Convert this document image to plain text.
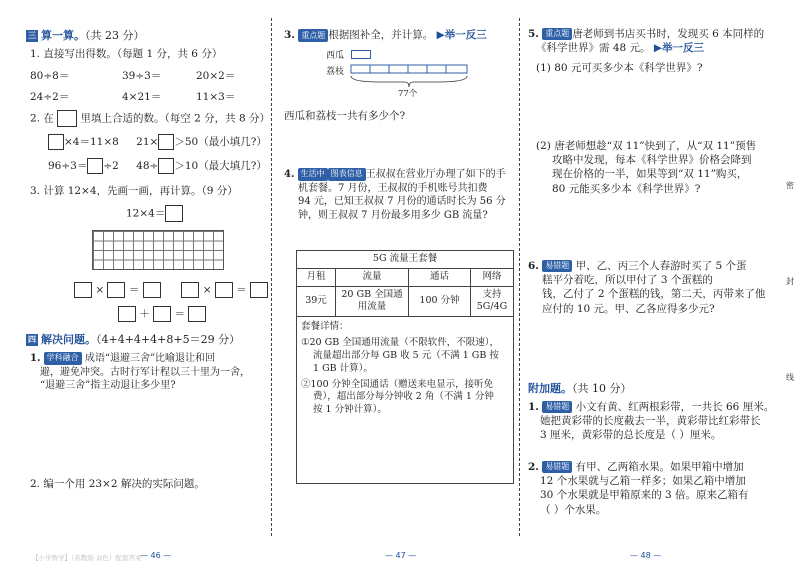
三 算一算。（共 23 分）
1. 直接写出得数。（每题 1 分，共 6 分）
80÷8＝	39÷3＝	20×2＝
24÷2＝	4×21＝	11×3＝
2. 在	里填上合适的数。（每空 2 分，共 8 分）
×4＝11×8 21× ＞50（最小填几?）
96÷3＝ ÷2 48÷ ＞10（最大填几?）
3. 计算 12×4，先画一画，再计算。（9 分）
12×4＝
×  ＝	×  ＝
＋  ＝
四 解决问题。（4+4+4+4+8+5＝29 分）
1. 学科融合 成语“退避三舍”比喻退让和回
避，避免冲突。古时行军计程以三十里为一舍，
“退避三舍”指主动退让多少里?
2. 编一个用 23×2 解决的实际问题。
— 46 —
【小学数学】（苏教版·双色）配套答案
3. 重点题 根据图补全，并计算。 ▶举一反三
西瓜
荔枝
77个
西瓜和荔枝一共有多少个?
4. 生活中 图表信息 王叔叔在营业厅办理了如下的手
机套餐。7 月份，王叔叔的手机账号共扣费
94 元，已知王叔叔 7 月份的通话时长为 56 分
钟，则王叔叔 7 月份最多用多少 GB 流量?
5G 流量王套餐			
月租	流量	通话	网络
39元	20 GB 全国通用流量	100 分钟	支持 5G/4G
套餐详情：
①20 GB 全国通用流量（不限软件，不限速），
流量超出部分每 GB 收 5 元（不满 1 GB 按
1 GB 计算）。
②100 分钟全国通话（赠送来电显示，接听免
费），超出部分每分钟收 2 角（不满 1 分钟
按 1 分钟计算）。
— 47 —
5. 重点题 唐老师到书店买书时，发现买 6 本同样的
《科学世界》需 48 元。 ▶举一反三
(1) 80 元可买多少本《科学世界》?
(2) 唐老师想趁“双 11”快到了，从“双 11”预售
攻略中发现，每本《科学世界》价格会降到
现在价格的一半，如果等到“双 11”购买，
80 元能买多少本《科学世界》?
6. 易错题 甲、乙、丙三个人春游时买了 5 个蛋
糕平分着吃，所以甲付了 3 个蛋糕的
钱，乙付了 2 个蛋糕的钱，第二天，丙带来了他
应付的 10 元。甲、乙各应得多少元?
附加题。（共 10 分）
1. 易错题 小文有黄、红两根彩带，一共长 66 厘米。
她把黄彩带的长度截去一半，黄彩带比红彩带长
3 厘米，黄彩带的总长度是（ ）厘米。
2. 易错题 有甲、乙两箱水果。如果甲箱中增加
12 个水果就与乙箱一样多；如果乙箱中增加
30 个水果就是甲箱原来的 3 倍。原来乙箱有
（ ）个水果。
— 48 —
密
封
线
